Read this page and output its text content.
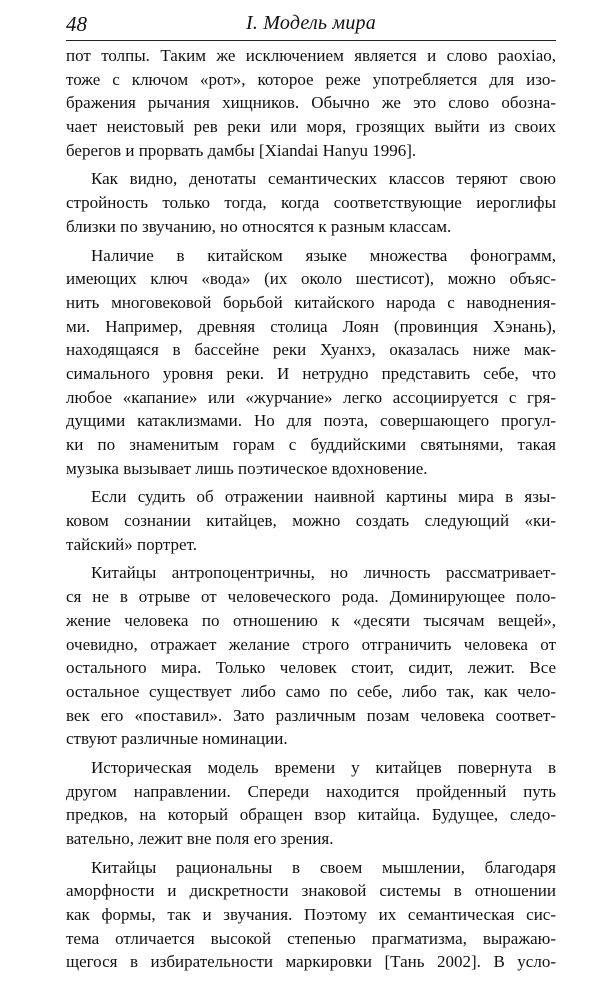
48	I. Модель мира
пот толпы. Таким же исключением является и слово paoxiao,
тоже с ключом «рот», которое реже употребляется для изо-
бражения рычания хищников. Обычно же это слово обозна-
чает неистовый рев реки или моря, грозящих выйти из своих
берегов и прорвать дамбы [Xiandai Hanyu 1996].
Как видно, денотаты семантических классов теряют свою
стройность только тогда, когда соответствующие иероглифы
близки по звучанию, но относятся к разным классам.
Наличие в китайском языке множества фонограмм,
имеющих ключ «вода» (их около шестисот), можно объяс-
нить многовековой борьбой китайского народа с наводнения-
ми. Например, древняя столица Лоян (провинция Хэнань),
находящаяся в бассейне реки Хуанхэ, оказалась ниже мак-
симального уровня реки. И нетрудно представить себе, что
любое «капание» или «журчание» легко ассоциируется с гря-
дущими катаклизмами. Но для поэта, совершающего прогул-
ки по знаменитым горам с буддийскими святынями, такая
музыка вызывает лишь поэтическое вдохновение.
Если судить об отражении наивной картины мира в язы-
ковом сознании китайцев, можно создать следующий «ки-
тайский» портрет.
Китайцы антропоцентричны, но личность рассматривает-
ся не в отрыве от человеческого рода. Доминирующее поло-
жение человека по отношению к «десяти тысячам вещей»,
очевидно, отражает желание строго отграничить человека от
остального мира. Только человек стоит, сидит, лежит. Все
остальное существует либо само по себе, либо так, как чело-
век его «поставил». Зато различным позам человека соответ-
ствуют различные номинации.
Историческая модель времени у китайцев повернута в
другом направлении. Спереди находится пройденный путь
предков, на который обращен взор китайца. Будущее, следо-
вательно, лежит вне поля его зрения.
Китайцы рациональны в своем мышлении, благодаря
аморфности и дискретности знаковой системы в отношении
как формы, так и звучания. Поэтому их семантическая сис-
тема отличается высокой степенью прагматизма, выражаю-
щегося в избирательности маркировки [Тань 2002]. В усло-
